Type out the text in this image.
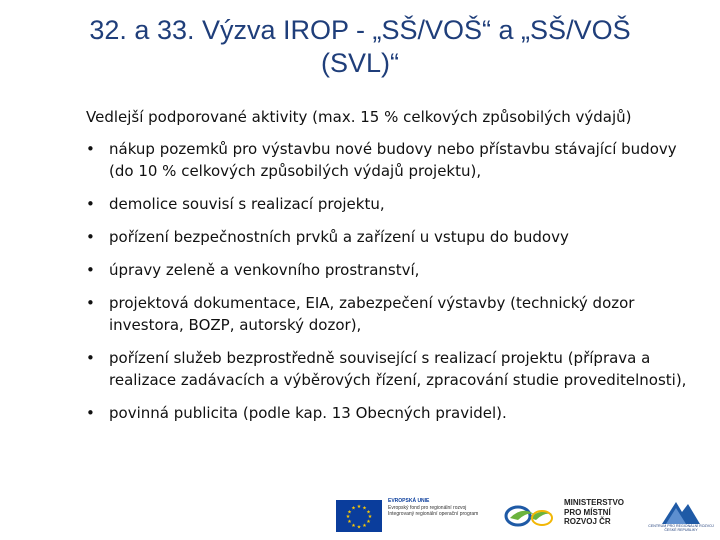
32. a 33. Výzva IROP - „SŠ/VOŠ“ a „SŠ/VOŠ
(SVL)“

Vedlejší podporované aktivity (max. 15 % celkových způsobilých výdajů)

• nákup pozemků pro výstavbu nové budovy nebo přístavbu stávající budovy (do 10 % celkových způsobilých výdajů projektu),
• demolice souvisí s realizací projektu,
• pořízení bezpečnostních prvků a zařízení u vstupu do budovy
• úpravy zeleně a venkovního prostranství,
• projektová dokumentace, EIA, zabezpečení výstavby (technický dozor investora, BOZP, autorský dozor),
• pořízení služeb bezprostředně související s realizací projektu (příprava a realizace zadávacích a výběrových řízení, zpracování studie proveditelnosti),
• povinná publicita (podle kap. 13 Obecných pravidel).
★ ★
★
★
★
★
★
★
★
★
★
★
EVROPSKÁ UNIE
Evropský fond pro regionální rozvoj
Integrovaný regionální operační program
MINISTERSTVO
PRO MÍSTNÍ
ROZVOJ ČR	CENTRUM PRO REGIONÁLNÍ ROZVOJ
ČESKÉ REPUBLIKY
